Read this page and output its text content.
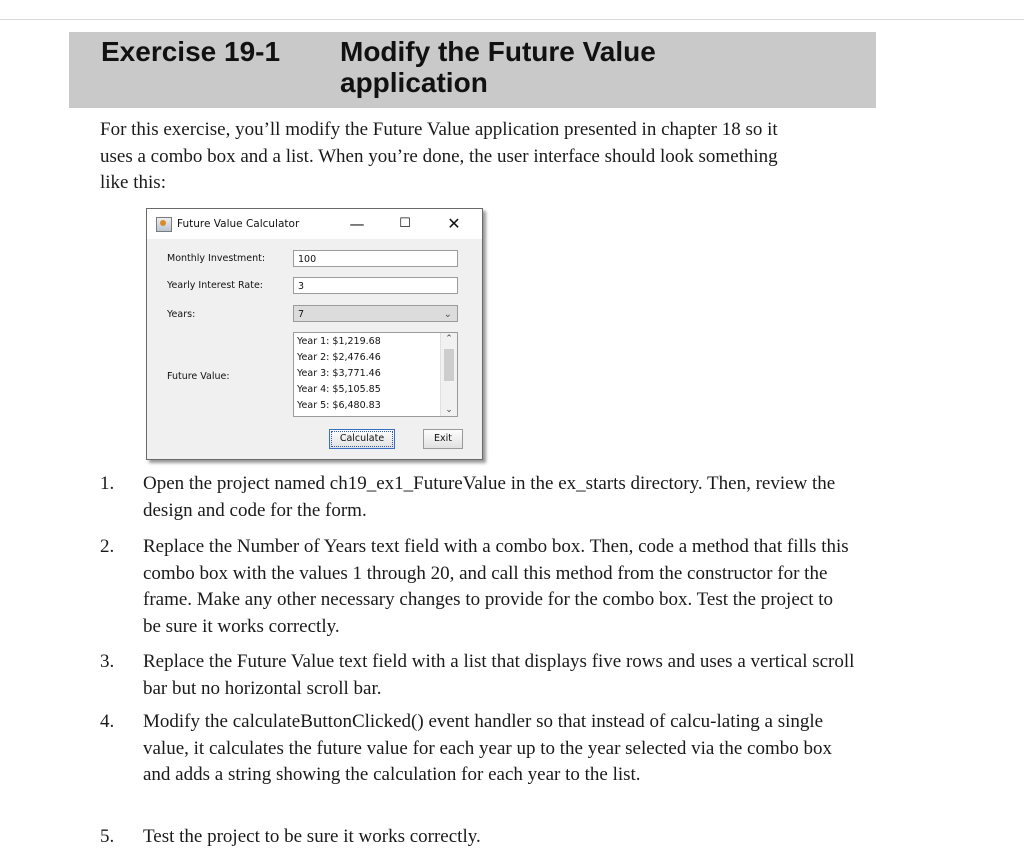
Exercise 19-1 Modify the Future Value application
For this exercise, you’ll modify the Future Value application presented in chapter 18 so it uses a combo box and a list. When you’re done, the user interface should look something like this:
Future Value Calculator	—	☐	✕
Monthly Investment:	100
Yearly Interest Rate:	3
Years:	7	⌄
Future Value:
Year 1: $1,219.68
Year 2: $2,476.46
Year 3: $3,771.46
Year 4: $5,105.85
Year 5: $6,480.83
⌃
⌄
Calculate	Exit
1.	Open the project named ch19_ex1_FutureValue in the ex_starts directory. Then, review the design and code for the form.
2.	Replace the Number of Years text field with a combo box. Then, code a method that fills this combo box with the values 1 through 20, and call this method from the constructor for the frame. Make any other necessary changes to provide for the combo box. Test the project to be sure it works correctly.
3.	Replace the Future Value text field with a list that displays five rows and uses a vertical scroll bar but no horizontal scroll bar.
4.	Modify the calculateButtonClicked() event handler so that instead of calcu-lating a single value, it calculates the future value for each year up to the year selected via the combo box and adds a string showing the calculation for each year to the list.
5.	Test the project to be sure it works correctly.
